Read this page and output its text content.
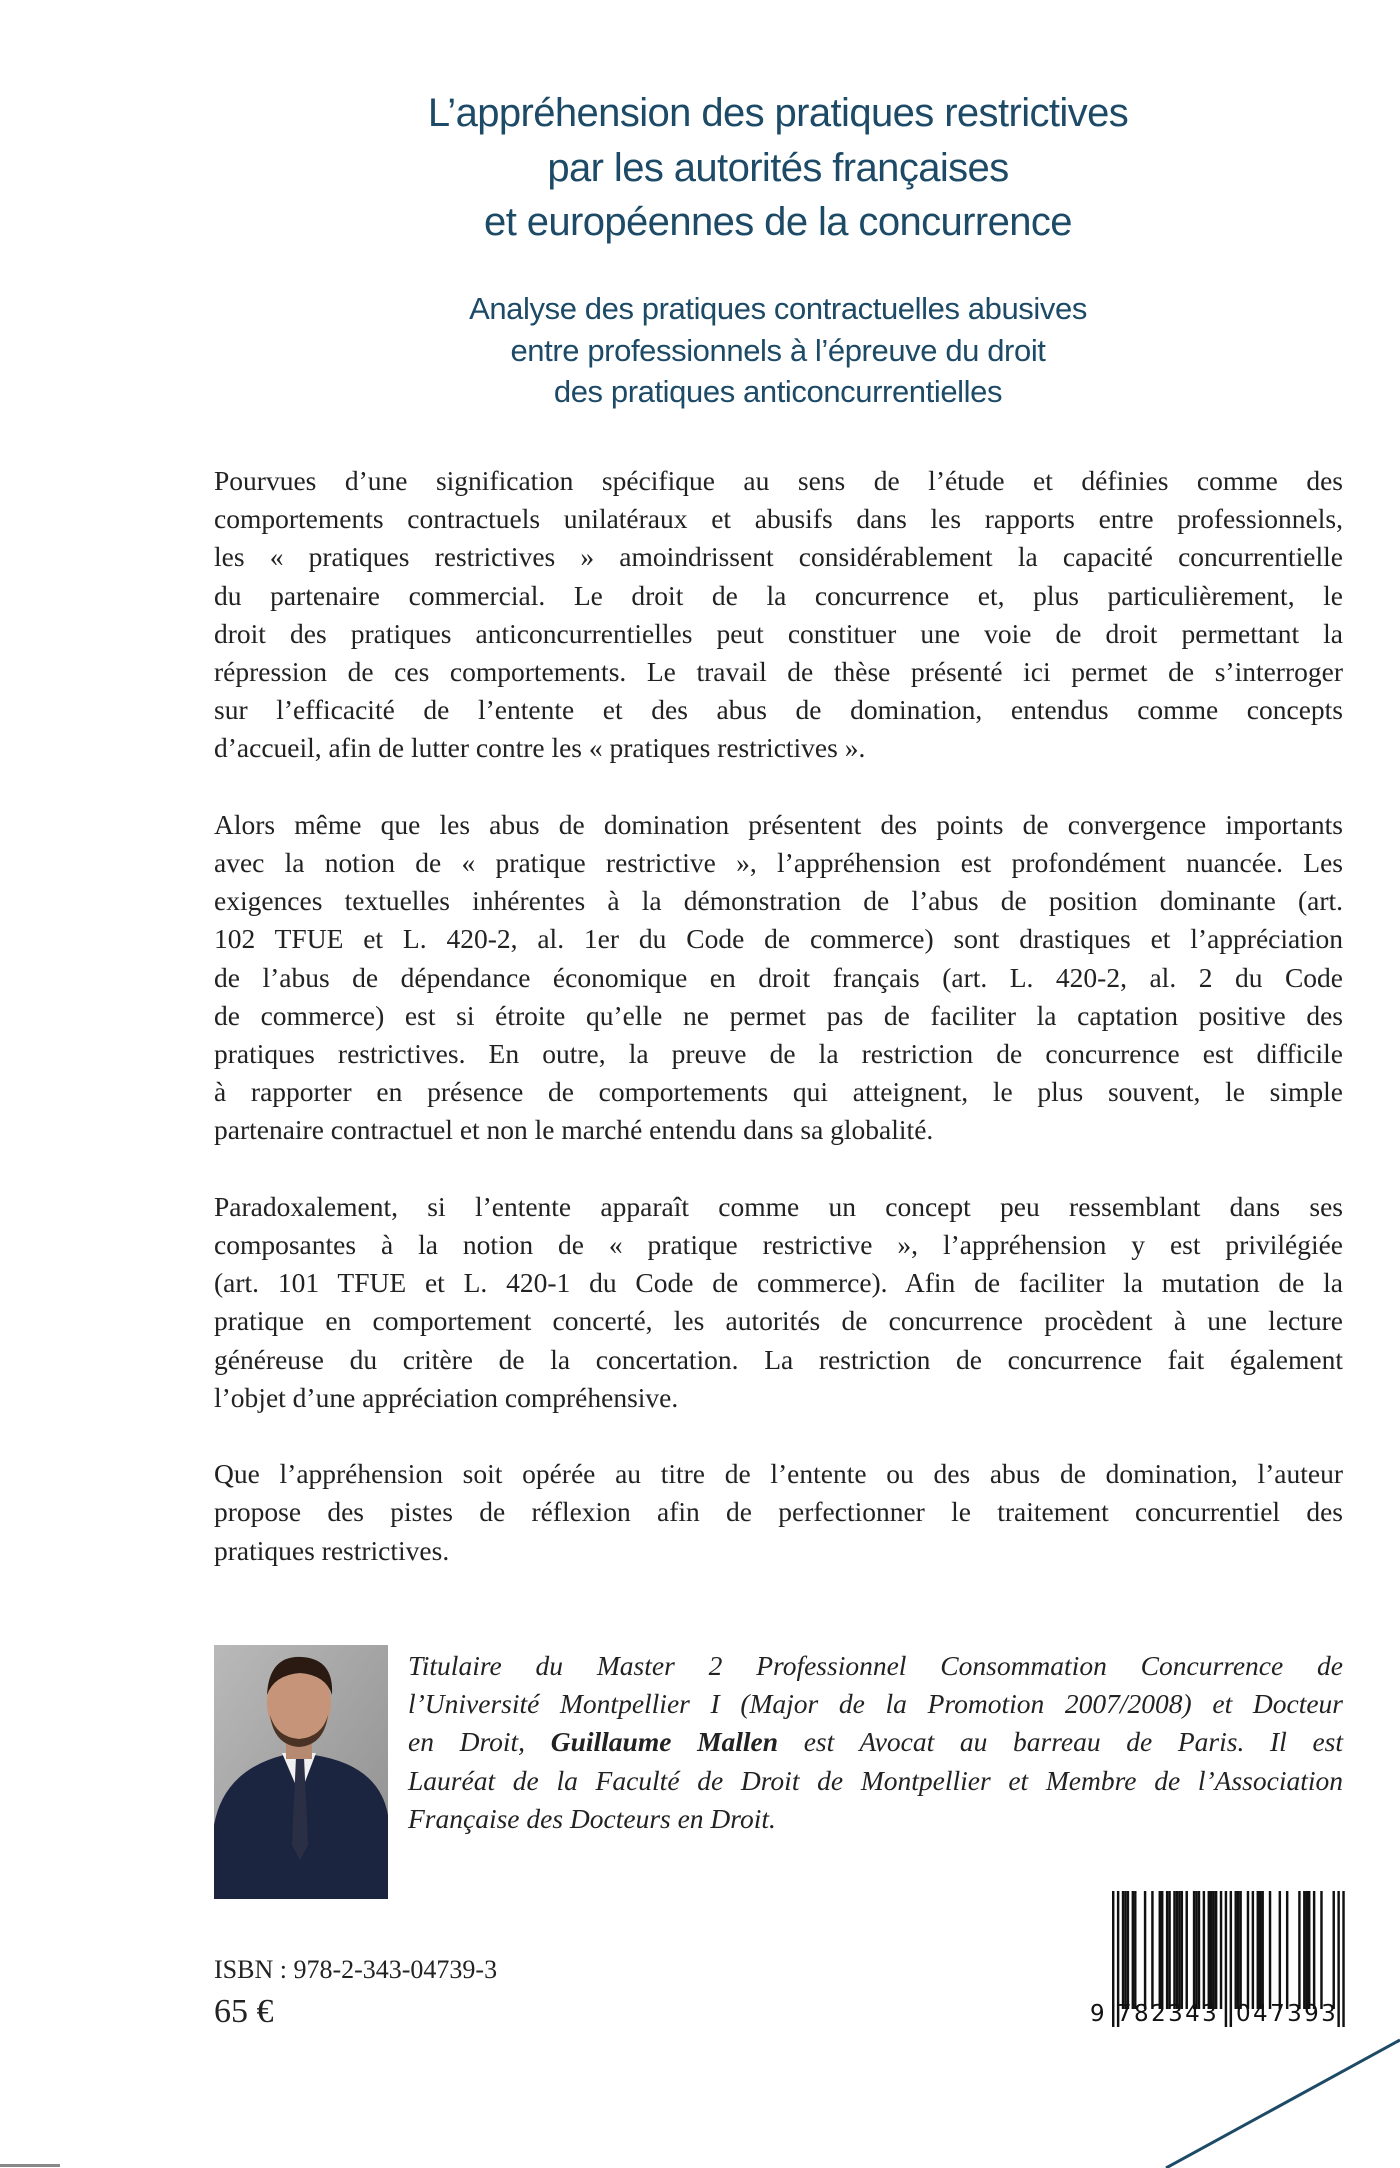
L’appréhension des pratiques restrictives
par les autorités françaises
et européennes de la concurrence
Analyse des pratiques contractuelles abusives
entre professionnels à l’épreuve du droit
des pratiques anticoncurrentielles
Pourvues d’une signification spécifique au sens de l’étude et définies comme des
comportements contractuels unilatéraux et abusifs dans les rapports entre professionnels,
les « pratiques restrictives » amoindrissent considérablement la capacité concurrentielle
du partenaire commercial. Le droit de la concurrence et, plus particulièrement, le
droit des pratiques anticoncurrentielles peut constituer une voie de droit permettant la
répression de ces comportements. Le travail de thèse présenté ici permet de s’interroger
sur l’efficacité de l’entente et des abus de domination, entendus comme concepts
d’accueil, afin de lutter contre les « pratiques restrictives ».
Alors même que les abus de domination présentent des points de convergence importants
avec la notion de « pratique restrictive », l’appréhension est profondément nuancée. Les
exigences textuelles inhérentes à la démonstration de l’abus de position dominante (art.
102 TFUE et L. 420-2, al. 1er du Code de commerce) sont drastiques et l’appréciation
de l’abus de dépendance économique en droit français (art. L. 420-2, al. 2 du Code
de commerce) est si étroite qu’elle ne permet pas de faciliter la captation positive des
pratiques restrictives. En outre, la preuve de la restriction de concurrence est difficile
à rapporter en présence de comportements qui atteignent, le plus souvent, le simple
partenaire contractuel et non le marché entendu dans sa globalité.
Paradoxalement, si l’entente apparaît comme un concept peu ressemblant dans ses
composantes à la notion de « pratique restrictive », l’appréhension y est privilégiée
(art. 101 TFUE et L. 420-1 du Code de commerce). Afin de faciliter la mutation de la
pratique en comportement concerté, les autorités de concurrence procèdent à une lecture
généreuse du critère de la concertation. La restriction de concurrence fait également
l’objet d’une appréciation compréhensive.
Que l’appréhension soit opérée au titre de l’entente ou des abus de domination, l’auteur
propose des pistes de réflexion afin de perfectionner le traitement concurrentiel des
pratiques restrictives.
Titulaire du Master 2 Professionnel Consommation Concurrence de
l’Université Montpellier I (Major de la Promotion 2007/2008) et Docteur
en Droit, Guillaume Mallen est Avocat au barreau de Paris. Il est
Lauréat de la Faculté de Droit de Montpellier et Membre de l’Association
Française des Docteurs en Droit.
ISBN : 978-2-343-04739-3
65 €	9 782343 047393
